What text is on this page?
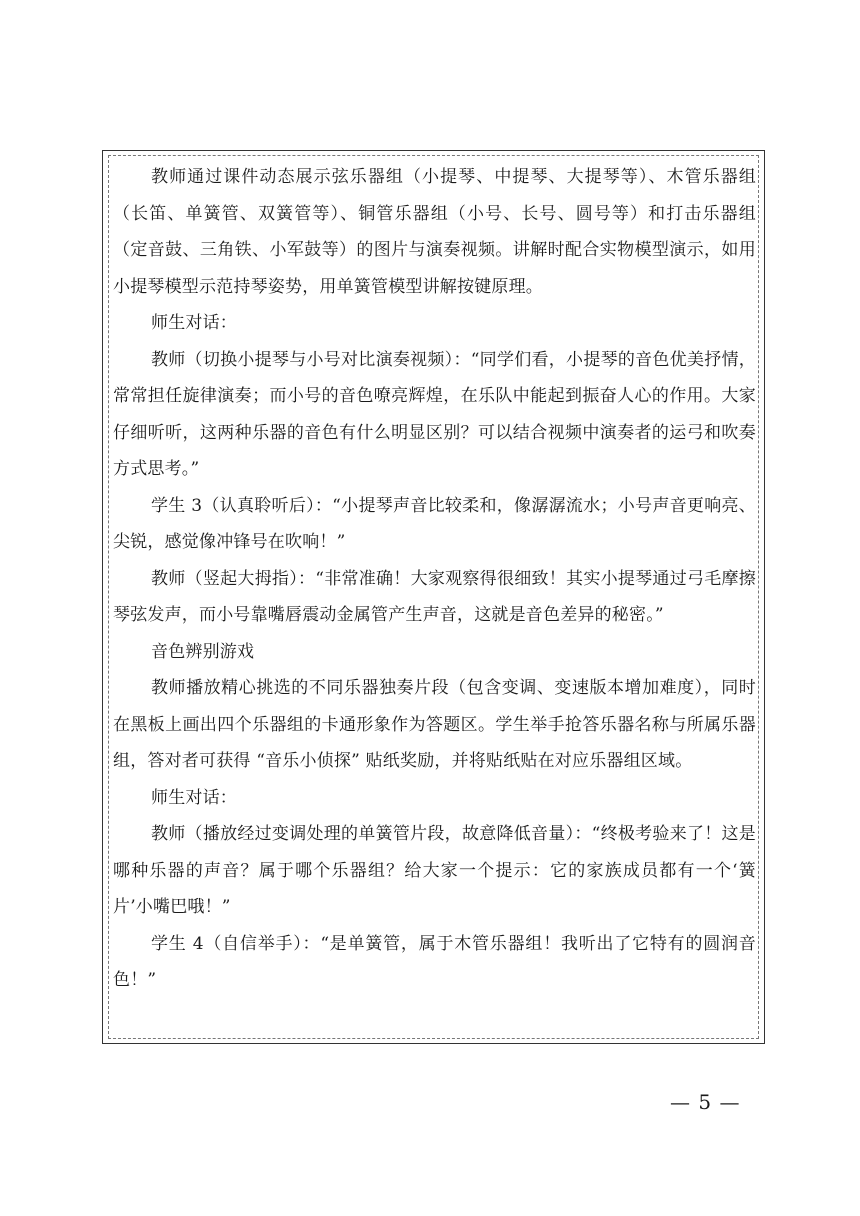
教师通过课件动态展示弦乐器组（小提琴、中提琴、大提琴等）、木管乐器组（长笛、单簧管、双簧管等）、铜管乐器组（小号、长号、圆号等）和打击乐器组（定音鼓、三角铁、小军鼓等）的图片与演奏视频。讲解时配合实物模型演示，如用小提琴模型示范持琴姿势，用单簧管模型讲解按键原理。

师生对话：

教师（切换小提琴与小号对比演奏视频）：“同学们看，小提琴的音色优美抒情，常常担任旋律演奏；而小号的音色嘹亮辉煌，在乐队中能起到振奋人心的作用。大家仔细听听，这两种乐器的音色有什么明显区别？可以结合视频中演奏者的运弓和吹奏方式思考。”

学生 3（认真聆听后）：“小提琴声音比较柔和，像潺潺流水；小号声音更响亮、尖锐，感觉像冲锋号在吹响！”

教师（竖起大拇指）：“非常准确！大家观察得很细致！其实小提琴通过弓毛摩擦琴弦发声，而小号靠嘴唇震动金属管产生声音，这就是音色差异的秘密。”

音色辨别游戏

教师播放精心挑选的不同乐器独奏片段（包含变调、变速版本增加难度），同时在黑板上画出四个乐器组的卡通形象作为答题区。学生举手抢答乐器名称与所属乐器组，答对者可获得 “音乐小侦探” 贴纸奖励，并将贴纸贴在对应乐器组区域。

师生对话：

教师（播放经过变调处理的单簧管片段，故意降低音量）：“终极考验来了！这是哪种乐器的声音？属于哪个乐器组？给大家一个提示：它的家族成员都有一个‘簧片’小嘴巴哦！”

学生 4（自信举手）：“是单簧管，属于木管乐器组！我听出了它特有的圆润音色！”

— 5 —
